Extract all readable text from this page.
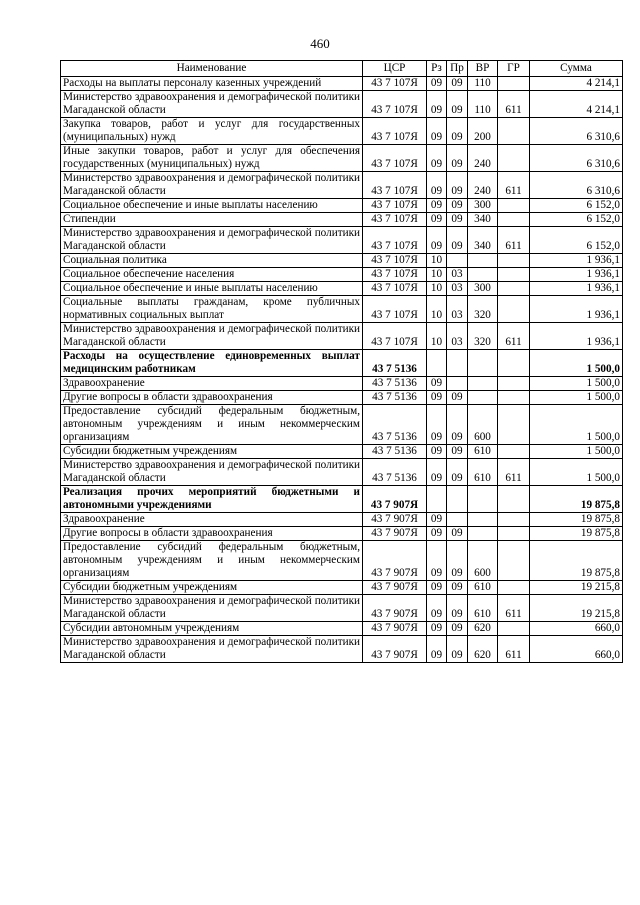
460
Наименование	ЦСР	Рз	Пр	ВР	ГР	Сумма
Расходы на выплаты персоналу казенных учреждений	43 7 107Я	09	09	110		4 214,1
Министерство здравоохранения и демографической политики Магаданской области	43 7 107Я	09	09	110	611	4 214,1
Закупка товаров, работ и услуг для государственных (муниципальных) нужд	43 7 107Я	09	09	200		6 310,6
Иные закупки товаров, работ и услуг для обеспечения государственных (муниципальных) нужд	43 7 107Я	09	09	240		6 310,6
Министерство здравоохранения и демографической политики Магаданской области	43 7 107Я	09	09	240	611	6 310,6
Социальное обеспечение и иные выплаты населению	43 7 107Я	09	09	300		6 152,0
Стипендии	43 7 107Я	09	09	340		6 152,0
Министерство здравоохранения и демографической политики Магаданской области	43 7 107Я	09	09	340	611	6 152,0
Социальная политика	43 7 107Я	10				1 936,1
Социальное обеспечение населения	43 7 107Я	10	03			1 936,1
Социальное обеспечение и иные выплаты населению	43 7 107Я	10	03	300		1 936,1
Социальные выплаты гражданам, кроме публичных нормативных социальных выплат	43 7 107Я	10	03	320		1 936,1
Министерство здравоохранения и демографической политики Магаданской области	43 7 107Я	10	03	320	611	1 936,1
Расходы на осуществление единовременных выплат медицинским работникам	43 7 5136					1 500,0
Здравоохранение	43 7 5136	09				1 500,0
Другие вопросы в области здравоохранения	43 7 5136	09	09			1 500,0
Предоставление субсидий федеральным бюджетным, автономным учреждениям и иным некоммерческим организациям	43 7 5136	09	09	600		1 500,0
Субсидии бюджетным учреждениям	43 7 5136	09	09	610		1 500,0
Министерство здравоохранения и демографической политики Магаданской области	43 7 5136	09	09	610	611	1 500,0
Реализация прочих мероприятий бюджетными и автономными учреждениями	43 7 907Я					19 875,8
Здравоохранение	43 7 907Я	09				19 875,8
Другие вопросы в области здравоохранения	43 7 907Я	09	09			19 875,8
Предоставление субсидий федеральным бюджетным, автономным учреждениям и иным некоммерческим организациям	43 7 907Я	09	09	600		19 875,8
Субсидии бюджетным учреждениям	43 7 907Я	09	09	610		19 215,8
Министерство здравоохранения и демографической политики Магаданской области	43 7 907Я	09	09	610	611	19 215,8
Субсидии автономным учреждениям	43 7 907Я	09	09	620		660,0
Министерство здравоохранения и демографической политики Магаданской области	43 7 907Я	09	09	620	611	660,0
